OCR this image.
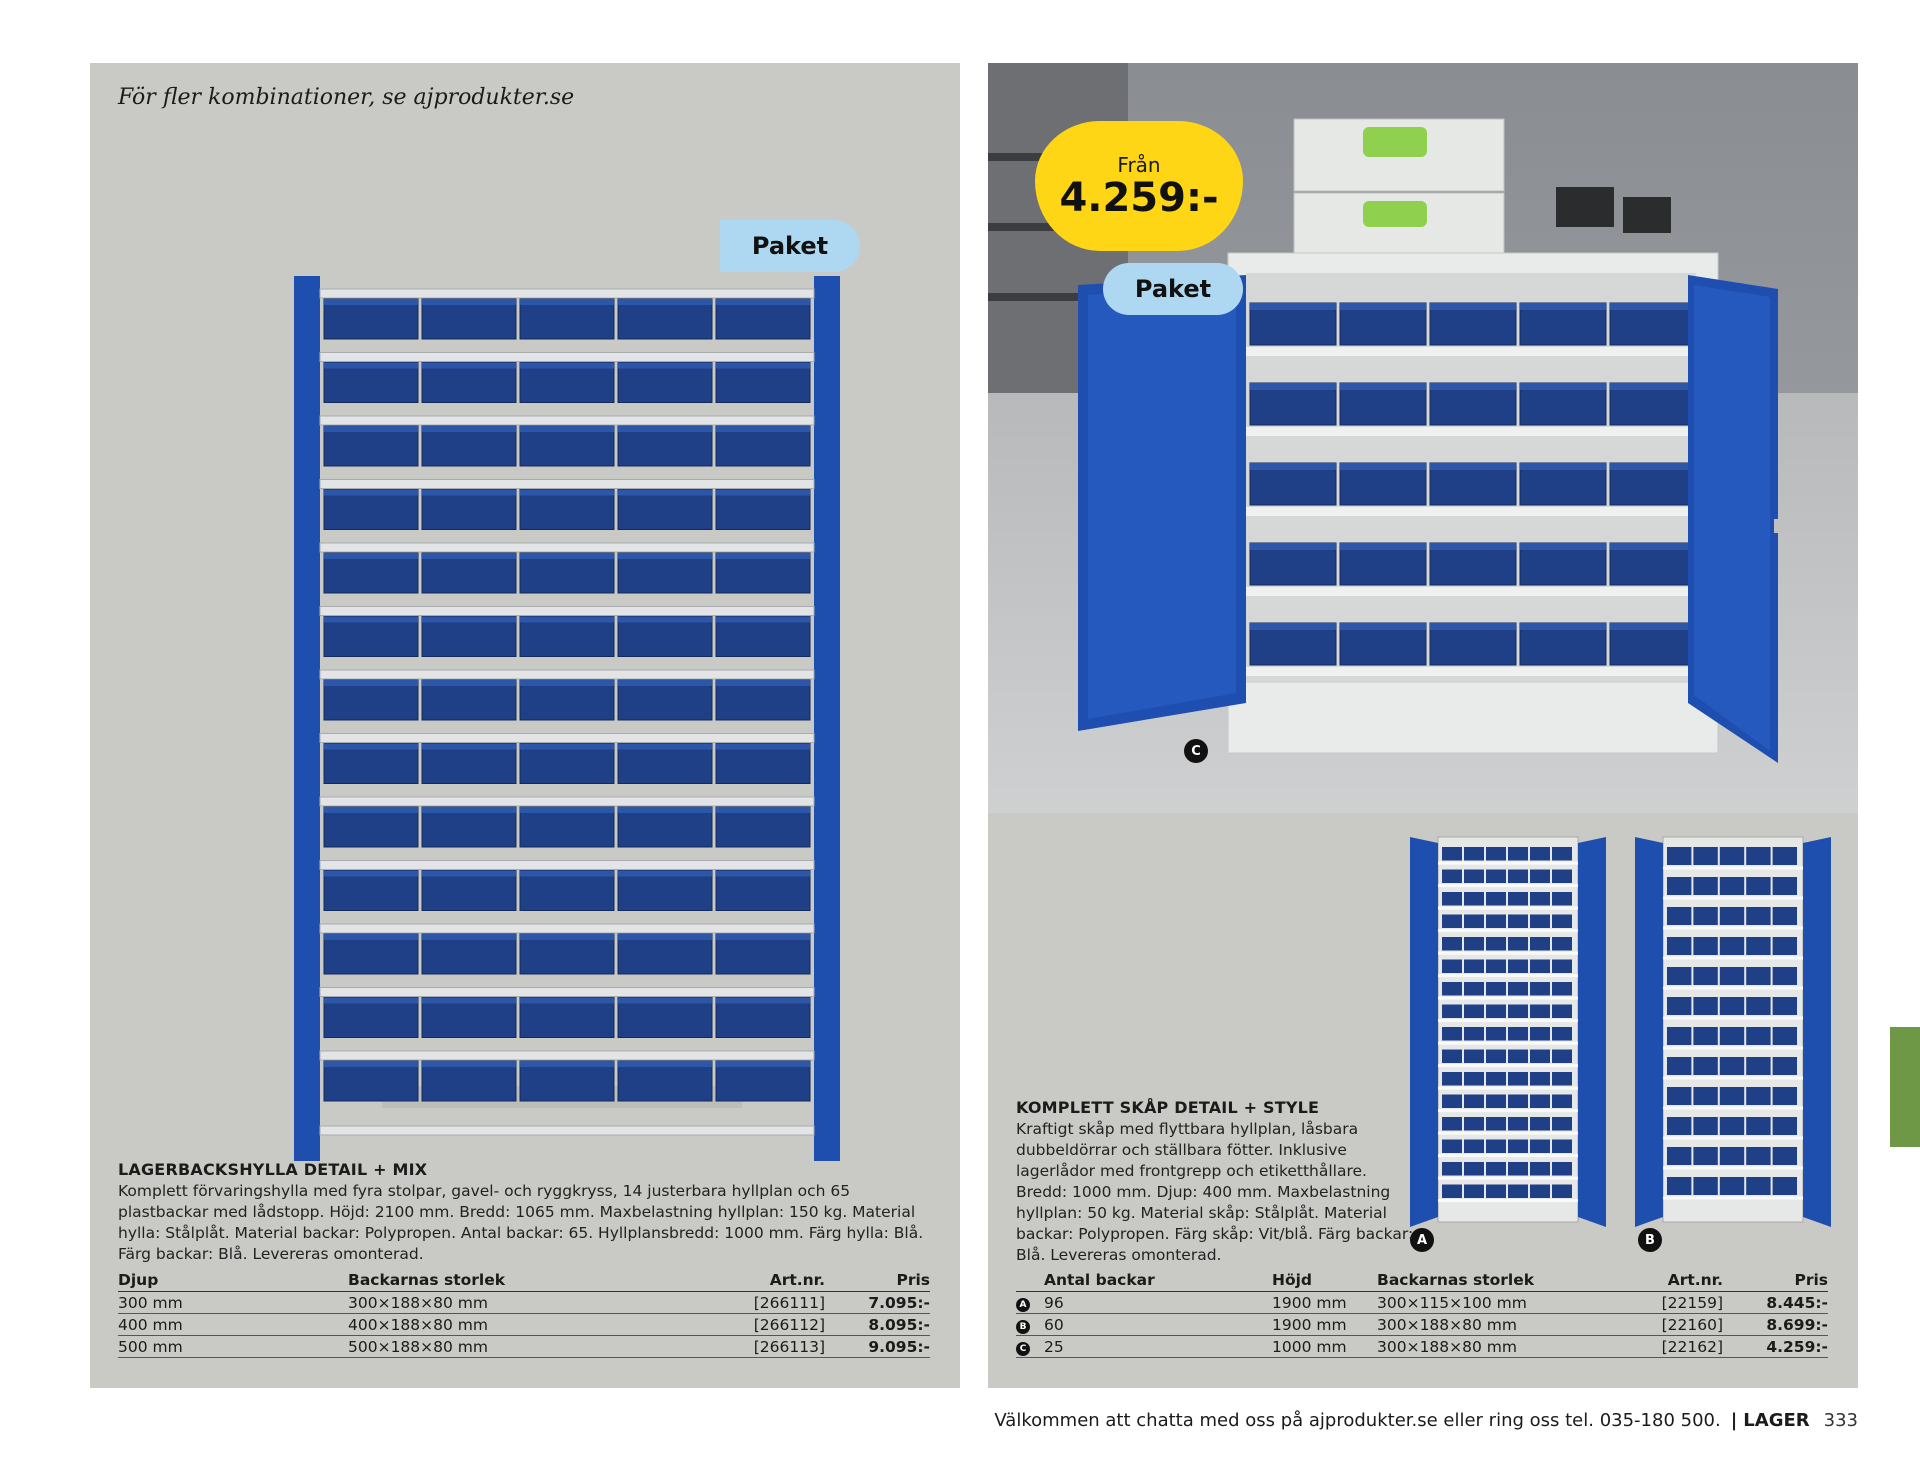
För fler kombinationer, se ajprodukter.se
Paket
LAGERBACKSHYLLA DETAIL + MIX
Komplett förvaringshylla med fyra stolpar, gavel- och ryggkryss, 14 justerbara hyllplan och 65 plastbackar med lådstopp. Höjd: 2100 mm. Bredd: 1065 mm. Maxbelastning hyllplan: 150 kg. Material hylla: Stålplåt. Material backar: Polypropen. Antal backar: 65. Hyllplansbredd: 1000 mm. Färg hylla: Blå. Färg backar: Blå. Levereras omonterad.
Djup	Backarnas storlek	Art.nr.	Pris
300 mm	300×188×80 mm	[266111]	7.095:-
400 mm	400×188×80 mm	[266112]	8.095:-
500 mm	500×188×80 mm	[266113]	9.095:-
Från
4.259:-
Paket
C
A	B
KOMPLETT SKÅP DETAIL + STYLE
Kraftigt skåp med flyttbara hyllplan, låsbara dubbeldörrar och ställbara fötter. Inklusive lagerlådor med frontgrepp och etiketthållare. Bredd: 1000 mm. Djup: 400 mm. Maxbelastning hyllplan: 50 kg. Material skåp: Stålplåt. Material backar: Polypropen. Färg skåp: Vit/blå. Färg backar: Blå. Levereras omonterad.
	Antal backar	Höjd	Backarnas storlek	Art.nr.	Pris
A	96	1900 mm	300×115×100 mm	[22159]	8.445:-
B	60	1900 mm	300×188×80 mm	[22160]	8.699:-
C	25	1000 mm	300×188×80 mm	[22162]	4.259:-
Välkommen att chatta med oss på ajprodukter.se eller ring oss tel. 035-180 500. | LAGER 333
